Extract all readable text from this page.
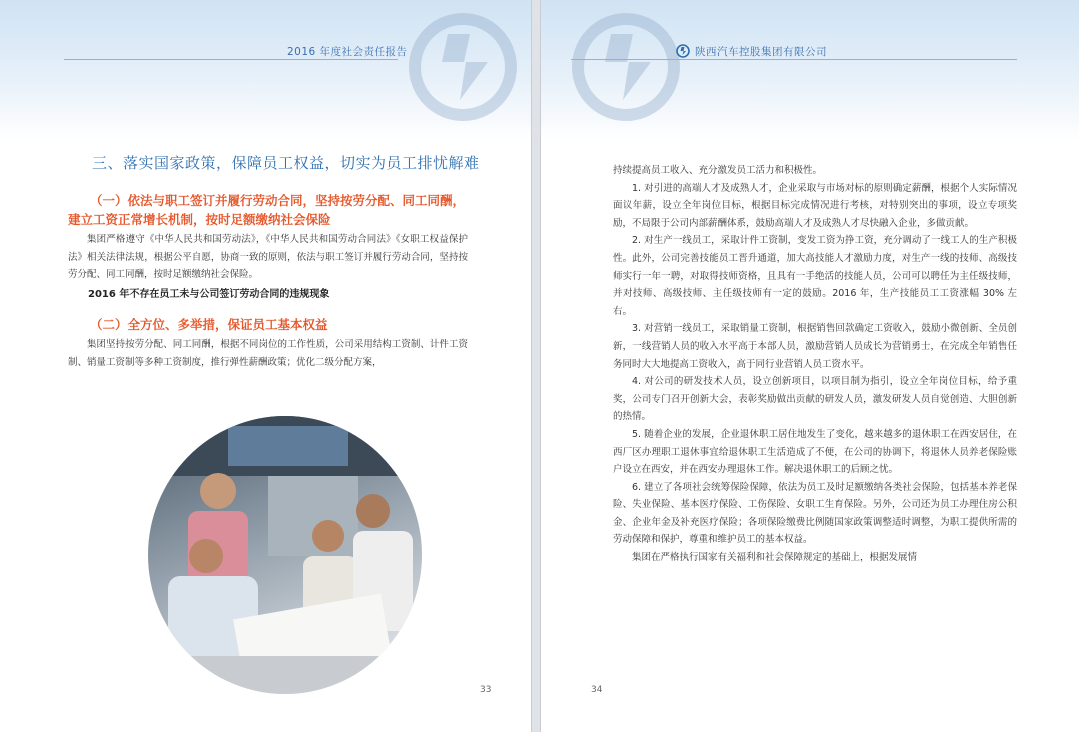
2016 年度社会责任报告
三、落实国家政策，保障员工权益，切实为员工排忧解难
（一）依法与职工签订并履行劳动合同，坚持按劳分配、同工同酬，
建立工资正常增长机制，按时足额缴纳社会保险

集团严格遵守《中华人民共和国劳动法》，《中华人民共和国劳动合同法》《女职工权益保护法》相关法律法规，根据公平自愿，协商一致的原则，依法与职工签订并履行劳动合同，坚持按劳分配、同工同酬，按时足额缴纳社会保险。

2016 年不存在员工未与公司签订劳动合同的违规现象
（二）全方位、多举措，保证员工基本权益

集团坚持按劳分配、同工同酬，根据不同岗位的工作性质，公司采用结构工资制、计件工资制、销量工资制等多种工资制度，推行弹性薪酬政策；优化二级分配方案，

33
陕西汽车控股集团有限公司

持续提高员工收入、充分激发员工活力和积极性。

1. 对引进的高端人才及成熟人才，企业采取与市场对标的原则确定薪酬，根据个人实际情况面议年薪，设立全年岗位目标，根据目标完成情况进行考核，对特别突出的事项，设立专项奖励，不局限于公司内部薪酬体系，鼓励高端人才及成熟人才尽快融入企业，多做贡献。

2. 对生产一线员工，采取计件工资制，变发工资为挣工资，充分调动了一线工人的生产积极性。此外，公司完善技能员工晋升通道，加大高技能人才激励力度，对生产一线的技师、高级技师实行一年一聘，对取得技师资格，且具有一手绝活的技能人员，公司可以聘任为主任级技师，并对技师、高级技师、主任级技师有一定的鼓励。2016 年，生产技能员工工资涨幅 30% 左右。

3. 对营销一线员工，采取销量工资制，根据销售回款确定工资收入，鼓励小微创新、全员创新，一线营销人员的收入水平高于本部人员，激励营销人员成长为营销勇士，在完成全年销售任务同时大大地提高工资收入，高于同行业营销人员工资水平。

4. 对公司的研发技术人员，设立创新项目，以项目制为指引，设立全年岗位目标，给予重奖，公司专门召开创新大会，表彰奖励做出贡献的研发人员，激发研发人员自觉创造、大胆创新的热情。

5. 随着企业的发展，企业退休职工居住地发生了变化，越来越多的退休职工在西安居住，在西厂区办理职工退休事宜给退休职工生活造成了不便，在公司的协调下，将退休人员养老保险账户设立在西安，并在西安办理退休工作。解决退休职工的后顾之忧。

6. 建立了各项社会统筹保险保障，依法为员工及时足额缴纳各类社会保险，包括基本养老保险、失业保险、基本医疗保险、工伤保险、女职工生育保险。另外，公司还为员工办理住房公积金、企业年金及补充医疗保险；各项保险缴费比例随国家政策调整适时调整，为职工提供所需的劳动保障和保护，尊重和维护员工的基本权益。

集团在严格执行国家有关福利和社会保障规定的基础上，根据发展情

34
